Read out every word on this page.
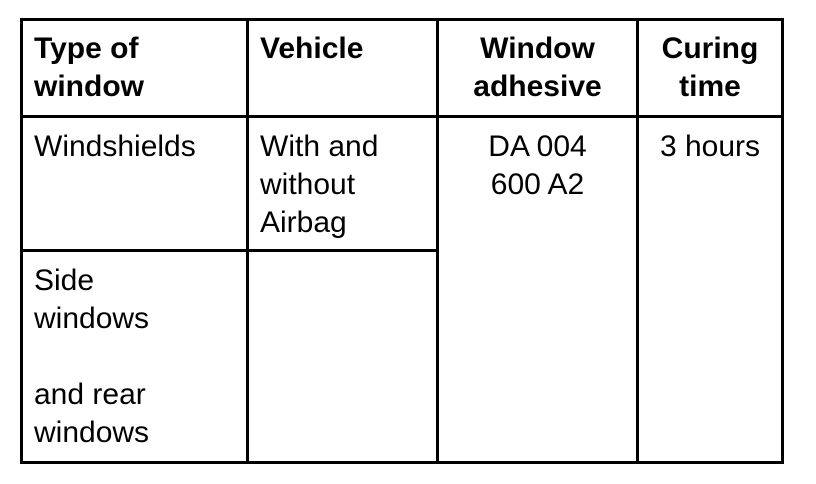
Type of
window
Vehicle	Window
adhesive
Curing
time
Windshields With and
without
Airbag
DA 004
600 A2
3 hours
Side
windows
and rear
windows
